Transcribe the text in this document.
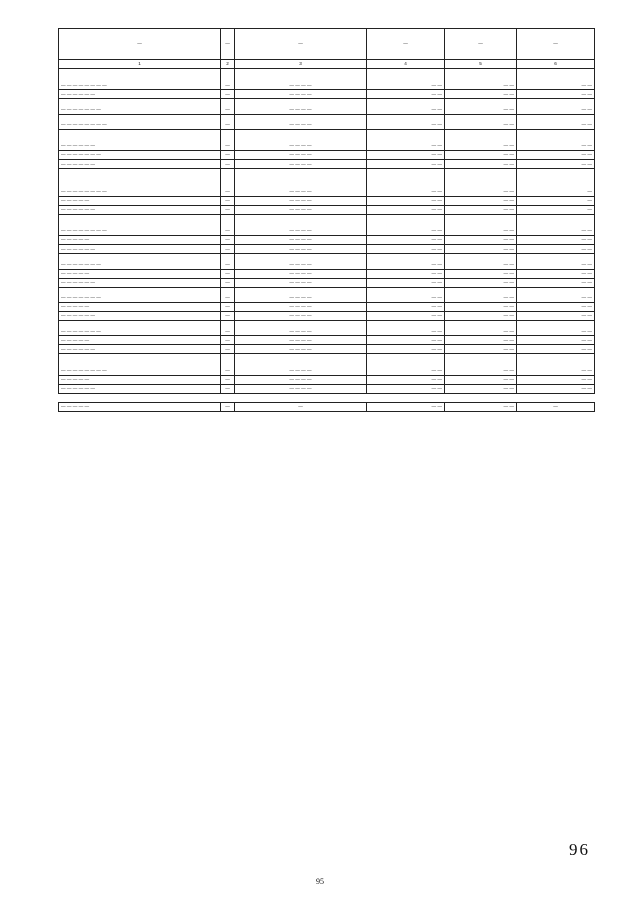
—	—	—	—	—	—
1	2	3	4	5	6
— — — — — — — —	—	— — — —	— —	— —	— —
— — — — — —	—	— — — —	— —	— —	— —
— — — — — — —	—	— — — —	— —	— —	— —
— — — — — — — —	—	— — — —	— —	— —	— —
— — — — — —	—	— — — —	— —	— —	— —
— — — — — — —	—	— — — —	— —	— —	— —
— — — — — —	—	— — — —	— —	— —	— —
— — — — — — — —	—	— — — —	— —	— —	—
— — — — —	—	— — — —	— —	— —	—
— — — — — —	—	— — — —	— —	— —	—
— — — — — — — —	—	— — — —	— —	— —	— —
— — — — —	—	— — — —	— —	— —	— —
— — — — — —	—	— — — —	— —	— —	— —
— — — — — — —	—	— — — —	— —	— —	— —
— — — — —	—	— — — —	— —	— —	— —
— — — — — —	—	— — — —	— —	— —	— —
— — — — — — —	—	— — — —	— —	— —	— —
— — — — —	—	— — — —	— —	— —	— —
— — — — — —	—	— — — —	— —	— —	— —
— — — — — — —	—	— — — —	— —	— —	— —
— — — — —	—	— — — —	— —	— —	— —
— — — — — —	—	— — — —	— —	— —	— —
— — — — — — — —	—	— — — —	— —	— —	— —
— — — — —	—	— — — —	— —	— —	— —
— — — — — —	—	— — — —	— —	— —	— —
— — — — —	—	—	— —	— —	—
96
95
